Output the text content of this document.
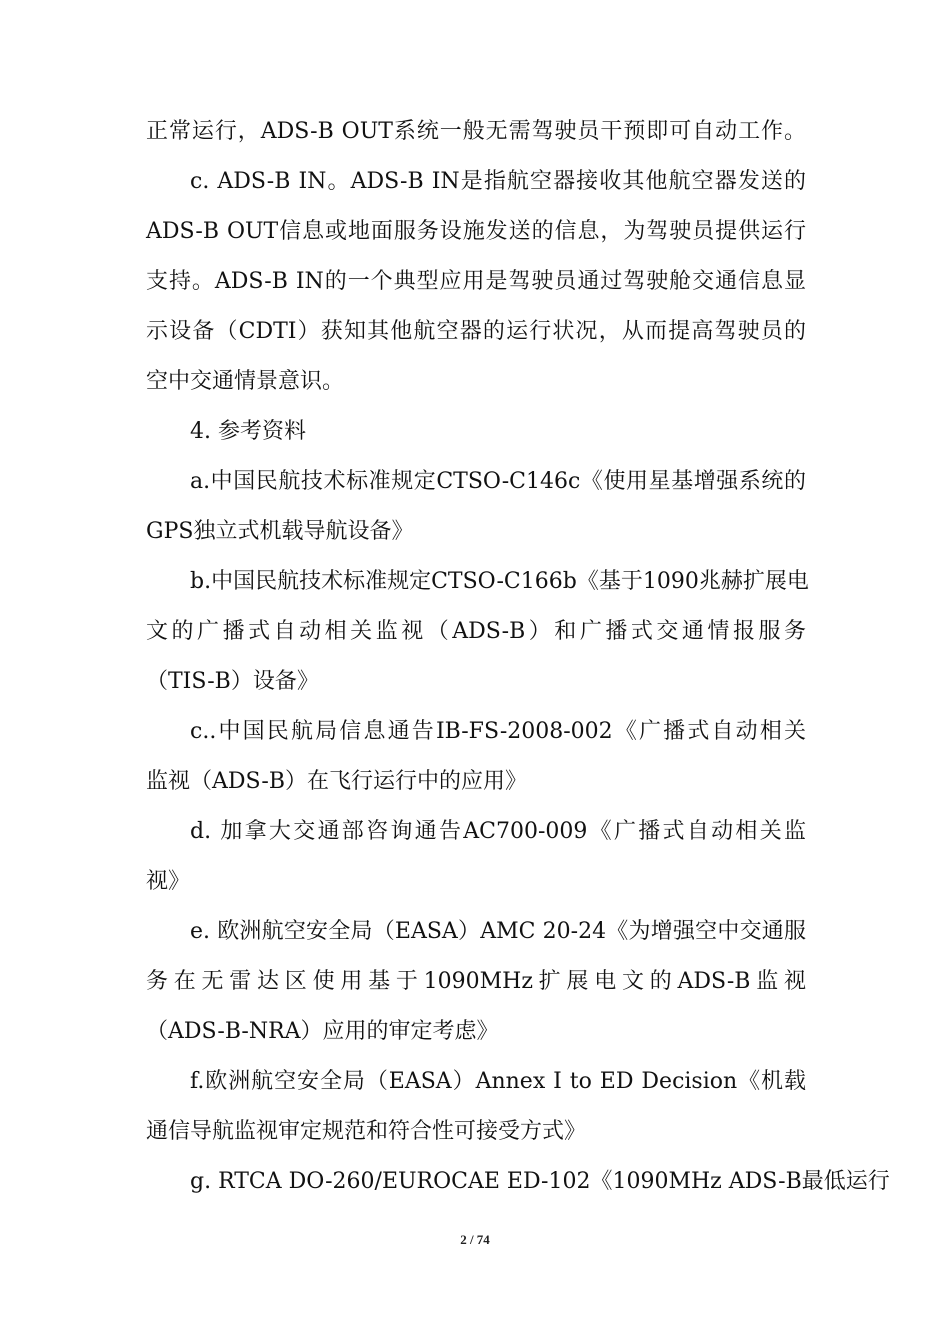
正常运行，ADS-B OUT系统一般无需驾驶员干预即可自动工作。
c. ADS-B IN。ADS-B IN是指航空器接收其他航空器发送的
ADS-B OUT信息或地面服务设施发送的信息，为驾驶员提供运行
支持。ADS-B IN的一个典型应用是驾驶员通过驾驶舱交通信息显
示设备（CDTI）获知其他航空器的运行状况，从而提高驾驶员的
空中交通情景意识。
4. 参考资料
a.中国民航技术标准规定CTSO-C146c《使用星基增强系统的
GPS独立式机载导航设备》
b.中国民航技术标准规定CTSO-C166b《基于1090兆赫扩展电
文的广播式自动相关监视（ADS-B）和广播式交通情报服务
（TIS-B）设备》
c..中国民航局信息通告IB-FS-2008-002《广播式自动相关
监视（ADS-B）在飞行运行中的应用》
d. 加拿大交通部咨询通告AC700-009《广播式自动相关监
视》
e. 欧洲航空安全局（EASA）AMC 20-24《为增强空中交通服
务在无雷达区使用基于1090MHz扩展电文的ADS-B监视
（ADS-B-NRA）应用的审定考虑》
f.欧洲航空安全局（EASA）Annex I to ED Decision《机载
通信导航监视审定规范和符合性可接受方式》
g. RTCA DO-260/EUROCAE ED-102《1090MHz ADS-B最低运行
2 / 74
